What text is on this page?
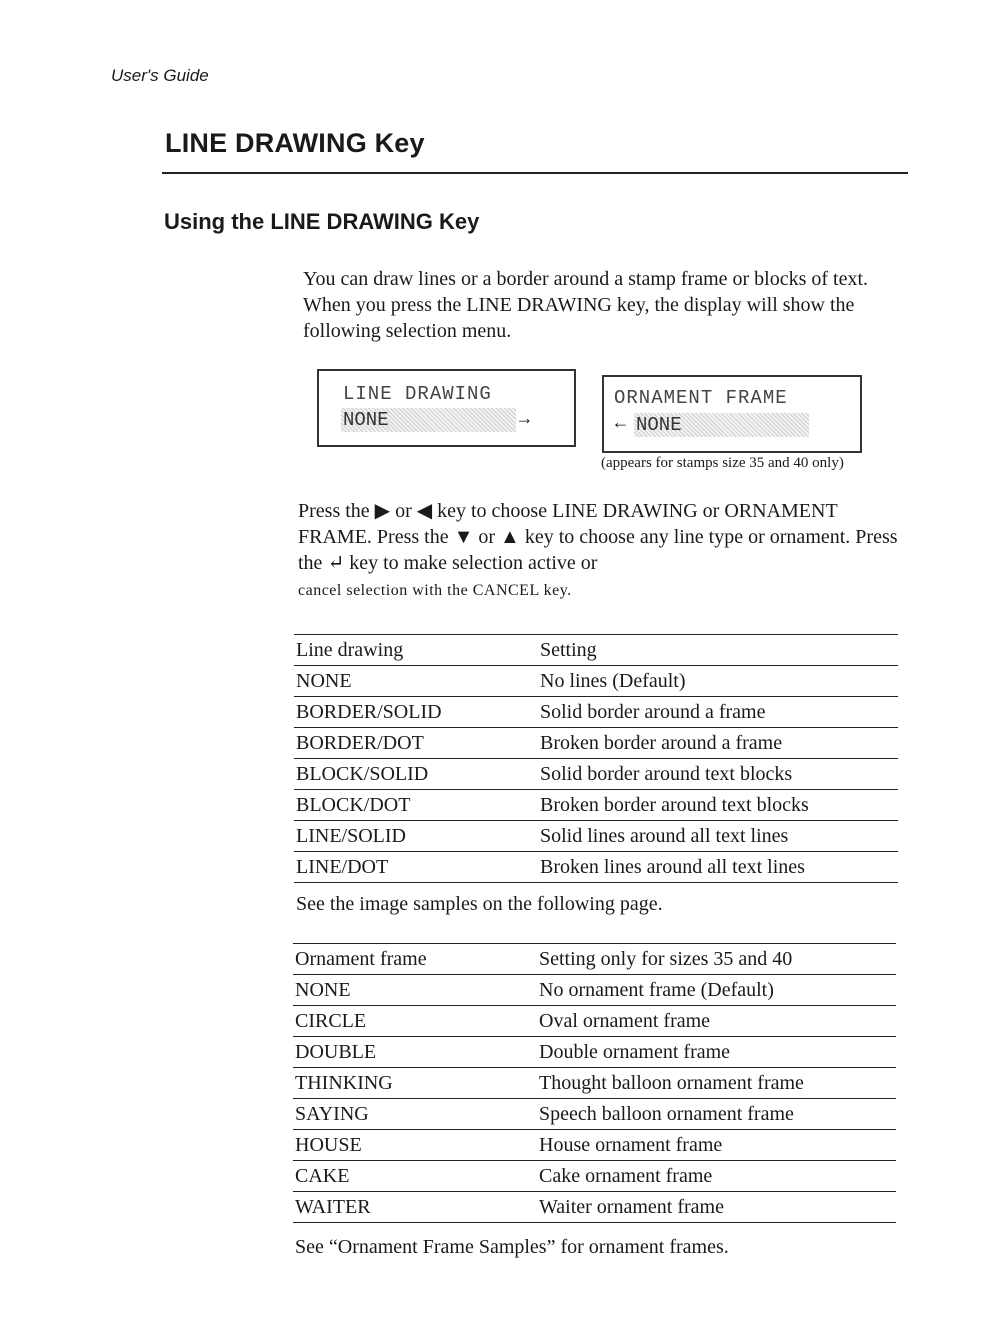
User's Guide
LINE DRAWING Key
Using the LINE DRAWING Key
You can draw lines or a border around a stamp frame or blocks of text. When you press the LINE DRAWING key, the display will show the following selection menu.
LINE DRAWING
NONE	→
ORNAMENT FRAME
← NONE
(appears for stamps size 35 and 40 only)
Press the ▶ or ◀ key to choose LINE DRAWING or ORNAMENT FRAME. Press the ▼ or ▲ key to choose any line type or ornament. Press the ↵ key to make selection active or
cancel selection with the CANCEL key.
Line drawing	Setting
NONE	No lines (Default)
BORDER/SOLID	Solid border around a frame
BORDER/DOT	Broken border around a frame
BLOCK/SOLID	Solid border around text blocks
BLOCK/DOT	Broken border around text blocks
LINE/SOLID	Solid lines around all text lines
LINE/DOT	Broken lines around all text lines
See the image samples on the following page.
Ornament frame	Setting only for sizes 35 and 40
NONE	No ornament frame (Default)
CIRCLE	Oval ornament frame
DOUBLE	Double ornament frame
THINKING	Thought balloon ornament frame
SAYING	Speech balloon ornament frame
HOUSE	House ornament frame
CAKE	Cake ornament frame
WAITER	Waiter ornament frame
See “Ornament Frame Samples” for ornament frames.
